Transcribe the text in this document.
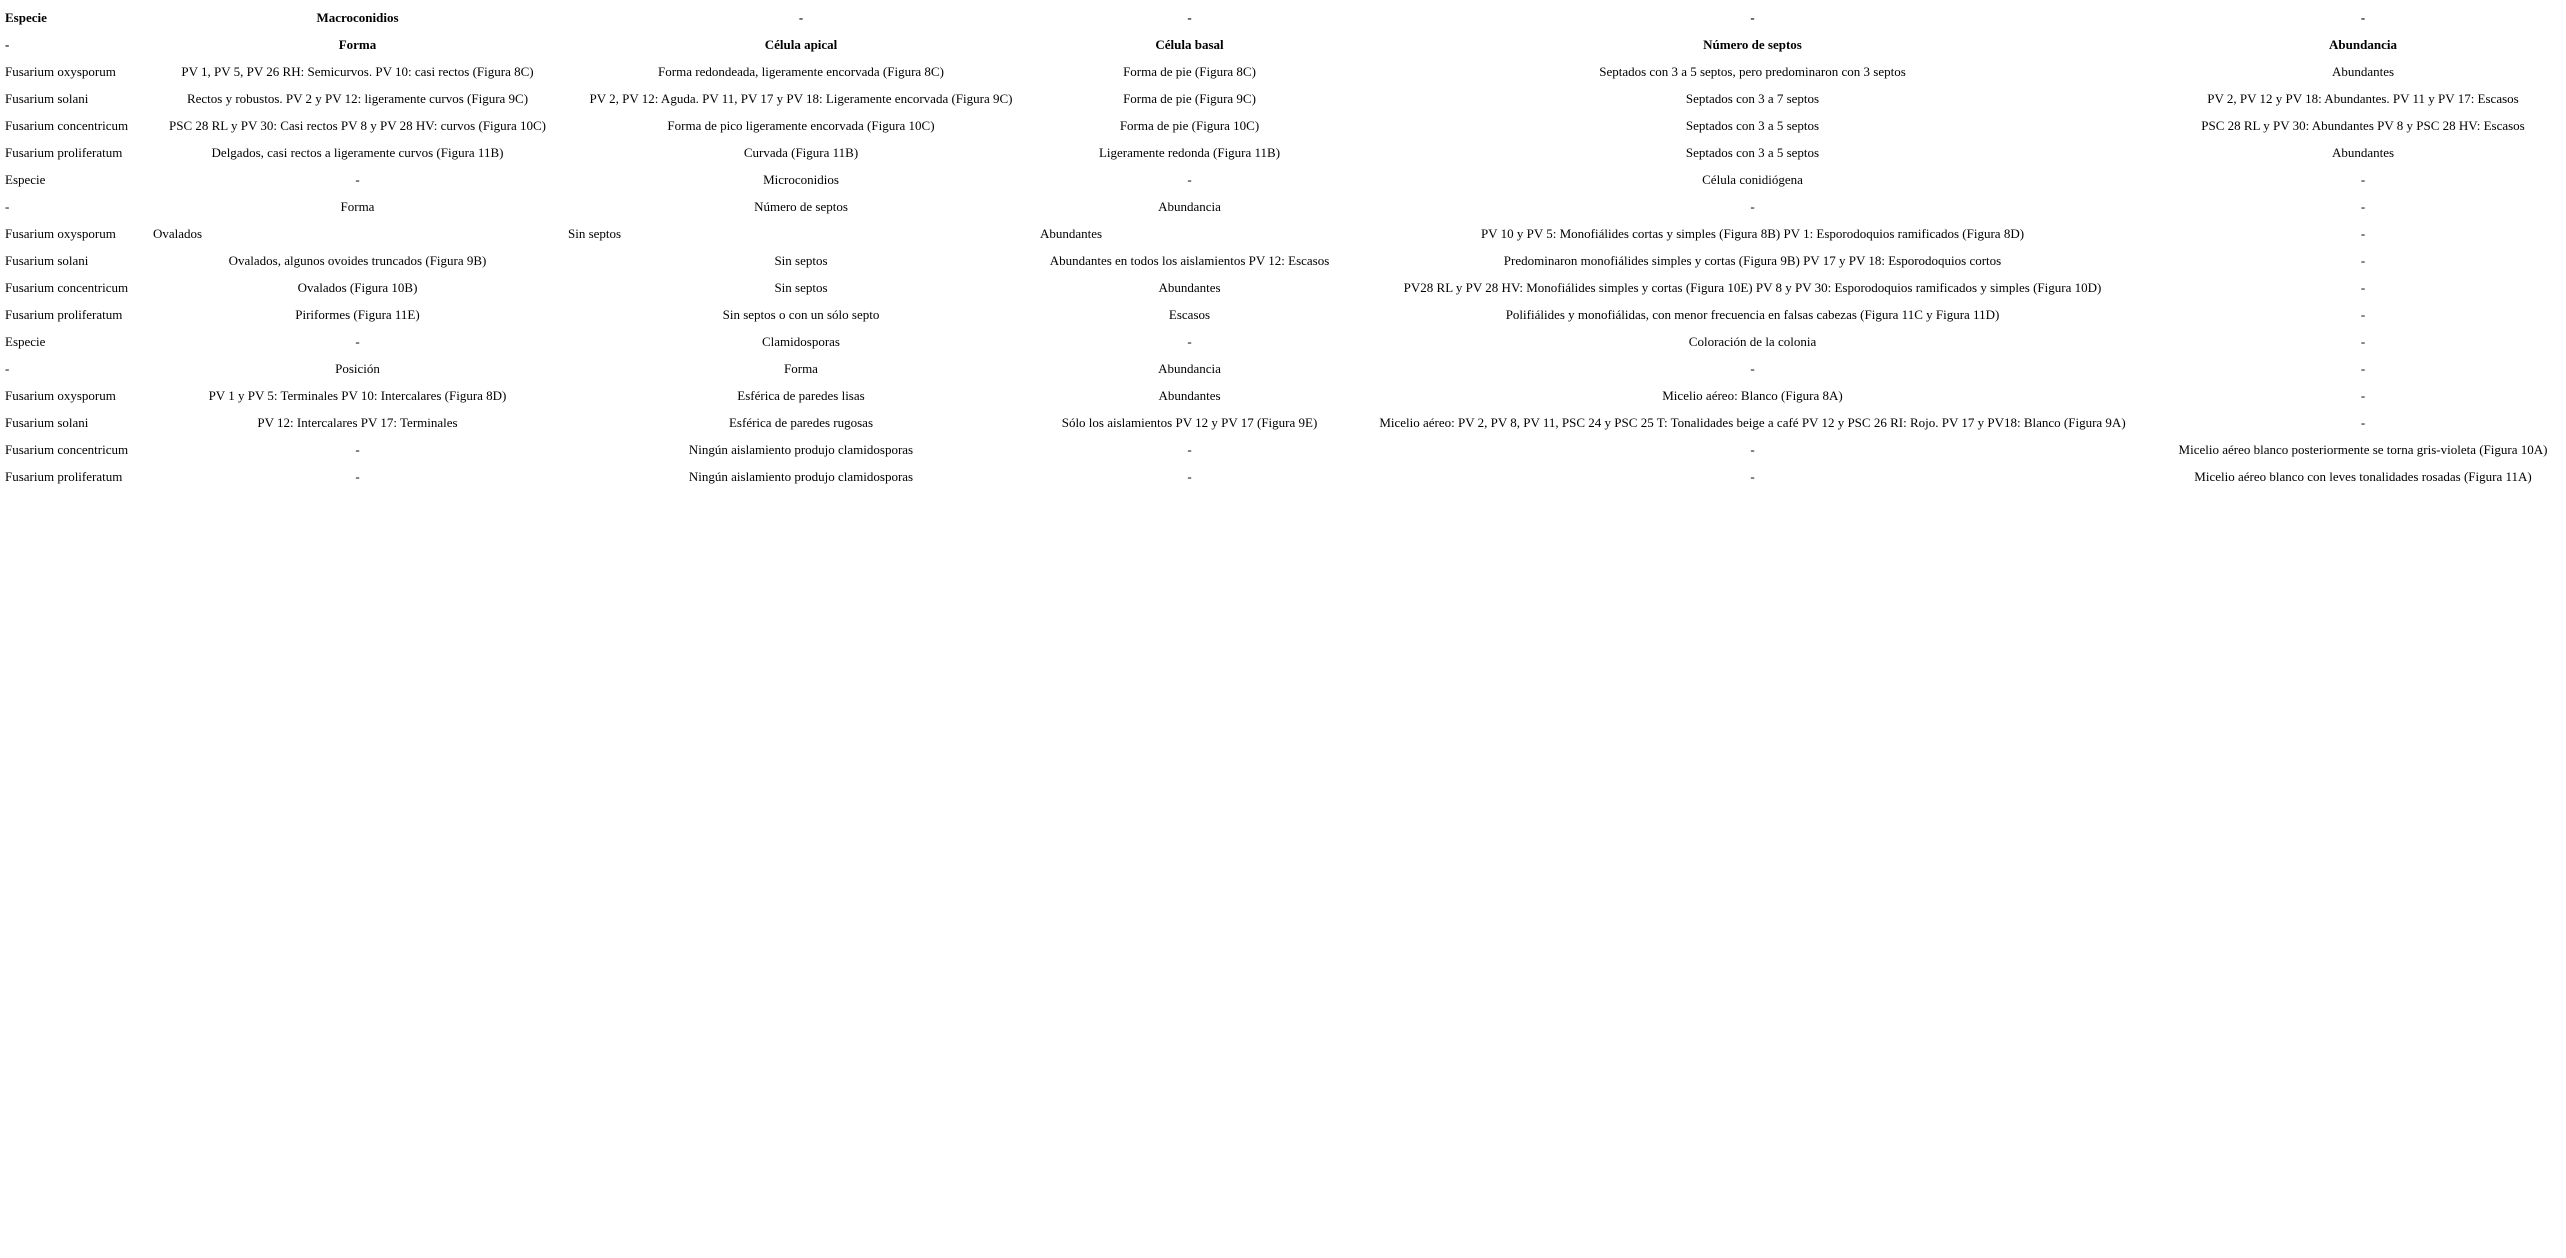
Especie	Macroconidios	-	-	-	-
-	Forma	Célula apical	Célula basal	Número de septos	Abundancia
Fusarium oxysporum	PV 1, PV 5, PV 26 RH: Semicurvos. PV 10: casi rectos (Figura 8C)	Forma redondeada, ligeramente encorvada (Figura 8C)	Forma de pie (Figura 8C)	Septados con 3 a 5 septos, pero predominaron con 3 septos	Abundantes
Fusarium solani	Rectos y robustos. PV 2 y PV 12: ligeramente curvos (Figura 9C)	PV 2, PV 12: Aguda. PV 11, PV 17 y PV 18: Ligeramente encorvada (Figura 9C)	Forma de pie (Figura 9C)	Septados con 3 a 7 septos	PV 2, PV 12 y PV 18: Abundantes. PV 11 y PV 17: Escasos
Fusarium concentricum	PSC 28 RL y PV 30: Casi rectos PV 8 y PV 28 HV: curvos (Figura 10C)	Forma de pico ligeramente encorvada (Figura 10C)	Forma de pie (Figura 10C)	Septados con 3 a 5 septos	PSC 28 RL y PV 30: Abundantes PV 8 y PSC 28 HV: Escasos
Fusarium proliferatum	Delgados, casi rectos a ligeramente curvos (Figura 11B)	Curvada (Figura 11B)	Ligeramente redonda (Figura 11B)	Septados con 3 a 5 septos	Abundantes
Especie	-	Microconidios	-	Célula conidiógena	-
-	Forma	Número de septos	Abundancia	-	-
Fusarium oxysporum	Ovalados	Sin septos	Abundantes	PV 10 y PV 5: Monofiálides cortas y simples (Figura 8B) PV 1: Esporodoquios ramificados (Figura 8D)	-
Fusarium solani	Ovalados, algunos ovoides truncados (Figura 9B)	Sin septos	Abundantes en todos los aislamientos PV 12: Escasos	Predominaron monofiálides simples y cortas (Figura 9B) PV 17 y PV 18: Esporodoquios cortos	-
Fusarium concentricum	Ovalados (Figura 10B)	Sin septos	Abundantes	PV28 RL y PV 28 HV: Monofiálides simples y cortas (Figura 10E) PV 8 y PV 30: Esporodoquios ramificados y simples (Figura 10D)	-
Fusarium proliferatum	Piriformes (Figura 11E)	Sin septos o con un sólo septo	Escasos	Polifiálides y monofiálidas, con menor frecuencia en falsas cabezas (Figura 11C y Figura 11D)	-
Especie	-	Clamidosporas	-	Coloración de la colonia	-
-	Posición	Forma	Abundancia	-	-
Fusarium oxysporum	PV 1 y PV 5: Terminales PV 10: Intercalares (Figura 8D)	Esférica de paredes lisas	Abundantes	Micelio aéreo: Blanco (Figura 8A)	-
Fusarium solani	PV 12: Intercalares PV 17: Terminales	Esférica de paredes rugosas	Sólo los aislamientos PV 12 y PV 17 (Figura 9E)	Micelio aéreo: PV 2, PV 8, PV 11, PSC 24 y PSC 25 T: Tonalidades beige a café PV 12 y PSC 26 RI: Rojo. PV 17 y PV18: Blanco (Figura 9A)	-
Fusarium concentricum	-	Ningún aislamiento produjo clamidosporas	-	-	Micelio aéreo blanco posteriormente se torna gris-violeta (Figura 10A)
Fusarium proliferatum	-	Ningún aislamiento produjo clamidosporas	-	-	Micelio aéreo blanco con leves tonalidades rosadas (Figura 11A)
